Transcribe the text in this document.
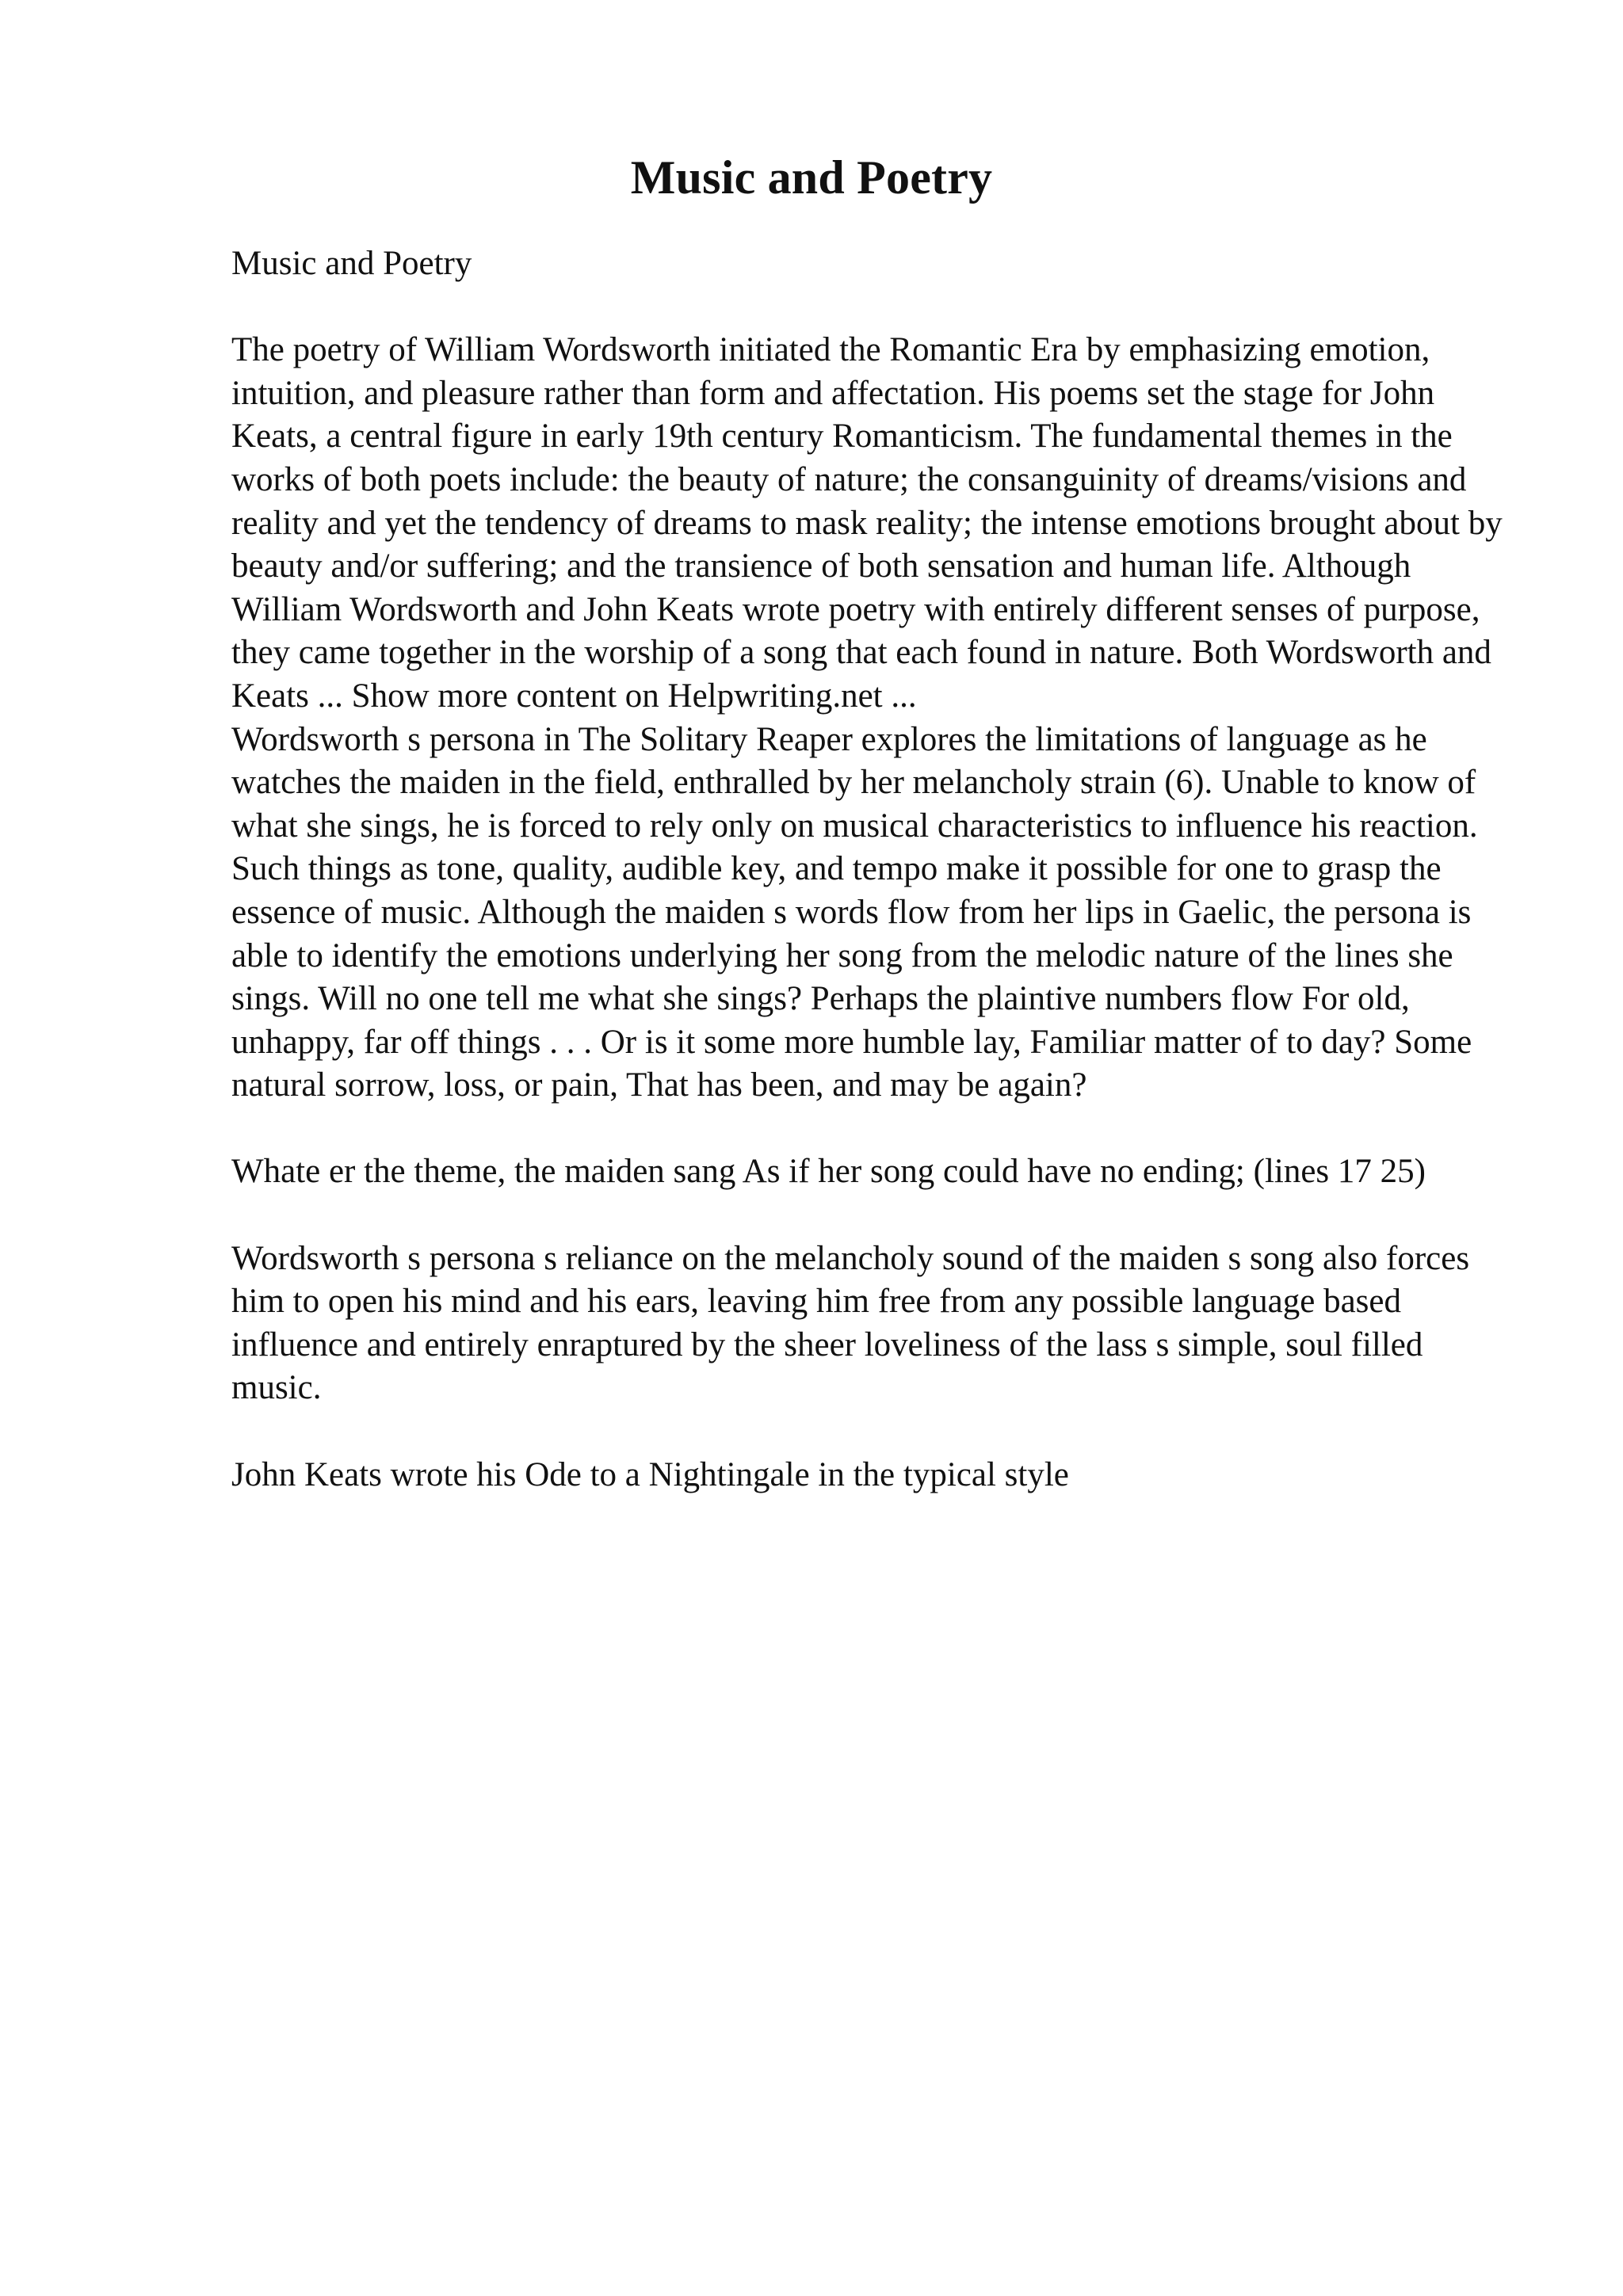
Music and Poetry

Music and Poetry

The poetry of William Wordsworth initiated the Romantic Era by emphasizing emotion, intuition, and pleasure rather than form and affectation. His poems set the stage for John Keats, a central figure in early 19th century Romanticism. The fundamental themes in the works of both poets include: the beauty of nature; the consanguinity of dreams/visions and reality and yet the tendency of dreams to mask reality; the intense emotions brought about by beauty and/or suffering; and the transience of both sensation and human life. Although William Wordsworth and John Keats wrote poetry with entirely different senses of purpose, they came together in the worship of a song that each found in nature. Both Wordsworth and Keats ... Show more content on Helpwriting.net ...

Wordsworth s persona in The Solitary Reaper explores the limitations of language as he watches the maiden in the field, enthralled by her melancholy strain (6). Unable to know of what she sings, he is forced to rely only on musical characteristics to influence his reaction. Such things as tone, quality, audible key, and tempo make it possible for one to grasp the essence of music. Although the maiden s words flow from her lips in Gaelic, the persona is able to identify the emotions underlying her song from the melodic nature of the lines she sings. Will no one tell me what she sings? Perhaps the plaintive numbers flow For old, unhappy, far off things . . . Or is it some more humble lay, Familiar matter of to day? Some natural sorrow, loss, or pain, That has been, and may be again?

Whate er the theme, the maiden sang As if her song could have no ending; (lines 17 25)

Wordsworth s persona s reliance on the melancholy sound of the maiden s song also forces him to open his mind and his ears, leaving him free from any possible language based influence and entirely enraptured by the sheer loveliness of the lass s simple, soul filled music.

John Keats wrote his Ode to a Nightingale in the typical style
